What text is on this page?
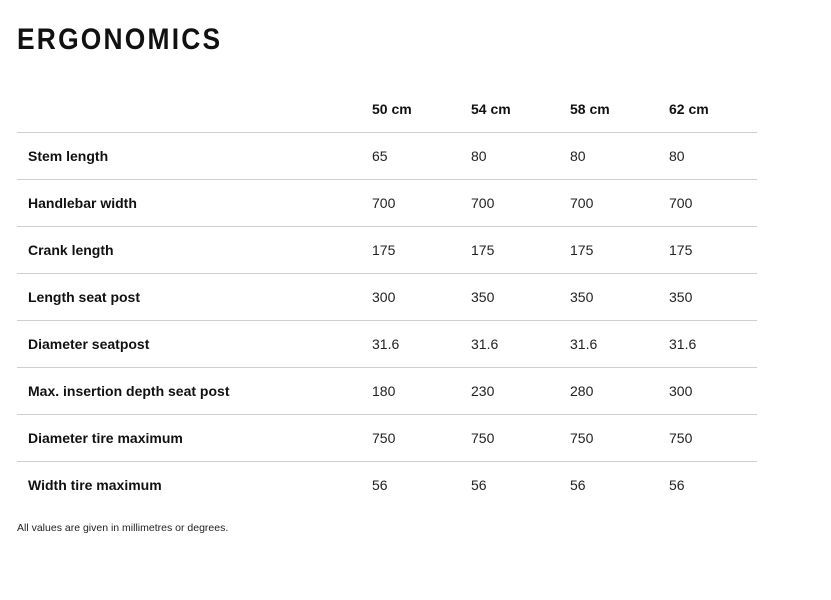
ERGONOMICS
	50 cm	54 cm	58 cm	62 cm
Stem length	65	80	80	80
Handlebar width	700	700	700	700
Crank length	175	175	175	175
Length seat post	300	350	350	350
Diameter seatpost	31.6	31.6	31.6	31.6
Max. insertion depth seat post	180	230	280	300
Diameter tire maximum	750	750	750	750
Width tire maximum	56	56	56	56

All values are given in millimetres or degrees.
